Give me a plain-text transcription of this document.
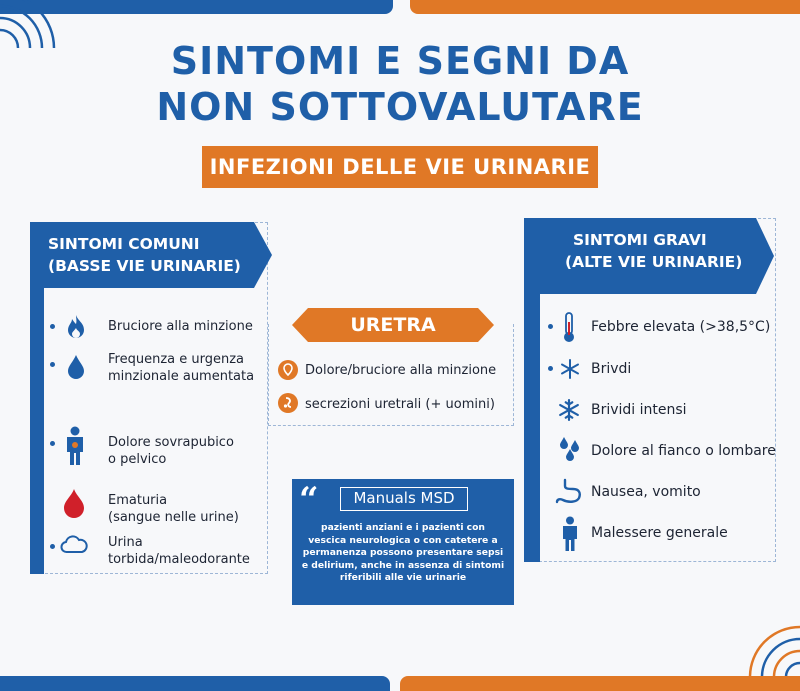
SINTOMI E SEGNI DA
NON SOTTOVALUTARE
INFEZIONI DELLE VIE URINARIE
SINTOMI COMUNI
(BASSE VIE URINARIE)
Bruciore alla minzione
Frequenza e urgenza
minzionale aumentata
Dolore sovrapubico
o pelvico
Ematuria
(sangue nelle urine)
Urina
torbida/maleodorante
URETRA
Dolore/bruciore alla minzione
secrezioni uretrali (+ uomini)
“	Manuals MSD
pazienti anziani e i pazienti con
vescica neurologica o con catetere a
permanenza possono presentare sepsi
e delirium, anche in assenza di sintomi
riferibili alle vie urinarie
SINTOMI GRAVI
(ALTE VIE URINARIE)
Febbre elevata (>38,5°C)
Brivdi
Brividi intensi
Dolore al fianco o lombare
Nausea, vomito
Malessere generale
